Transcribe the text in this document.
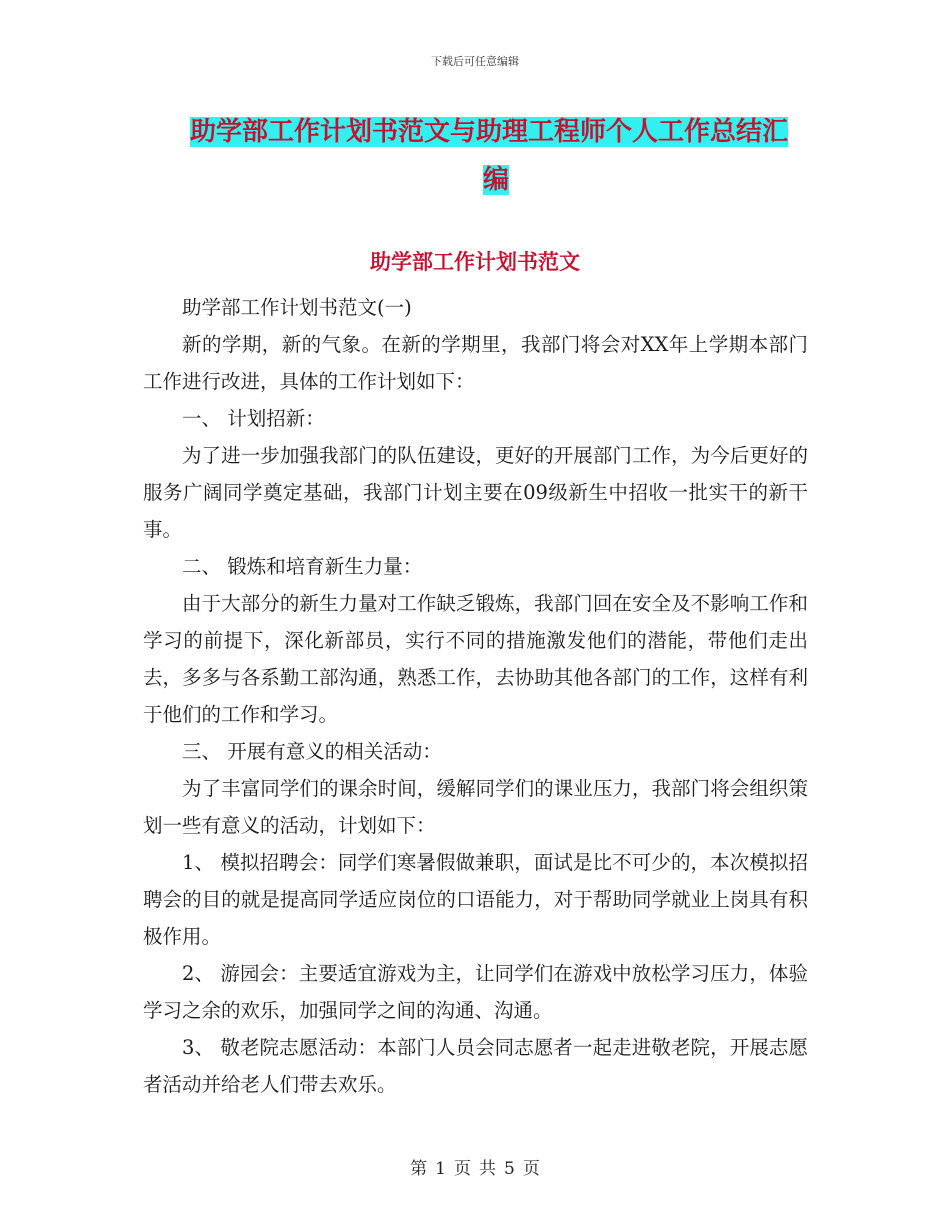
下载后可任意编辑
助学部工作计划书范文与助理工程师个人工作总结汇
编
助学部工作计划书范文

助学部工作计划书范文(一)

新的学期，新的气象。在新的学期里，我部门将会对XX年上学期本部门工作进行改进，具体的工作计划如下：

一、 计划招新：

为了进一步加强我部门的队伍建设，更好的开展部门工作，为今后更好的服务广阔同学奠定基础，我部门计划主要在09级新生中招收一批实干的新干事。

二、 锻炼和培育新生力量：

由于大部分的新生力量对工作缺乏锻炼，我部门回在安全及不影响工作和学习的前提下，深化新部员，实行不同的措施激发他们的潜能，带他们走出去，多多与各系勤工部沟通，熟悉工作，去协助其他各部门的工作，这样有利于他们的工作和学习。

三、 开展有意义的相关活动：

为了丰富同学们的课余时间，缓解同学们的课业压力，我部门将会组织策划一些有意义的活动，计划如下：

1、 模拟招聘会：同学们寒暑假做兼职，面试是比不可少的，本次模拟招聘会的目的就是提高同学适应岗位的口语能力，对于帮助同学就业上岗具有积极作用。

2、 游园会：主要适宜游戏为主，让同学们在游戏中放松学习压力，体验学习之余的欢乐，加强同学之间的沟通、沟通。

3、 敬老院志愿活动：本部门人员会同志愿者一起走进敬老院，开展志愿者活动并给老人们带去欢乐。

第 1 页 共 5 页
